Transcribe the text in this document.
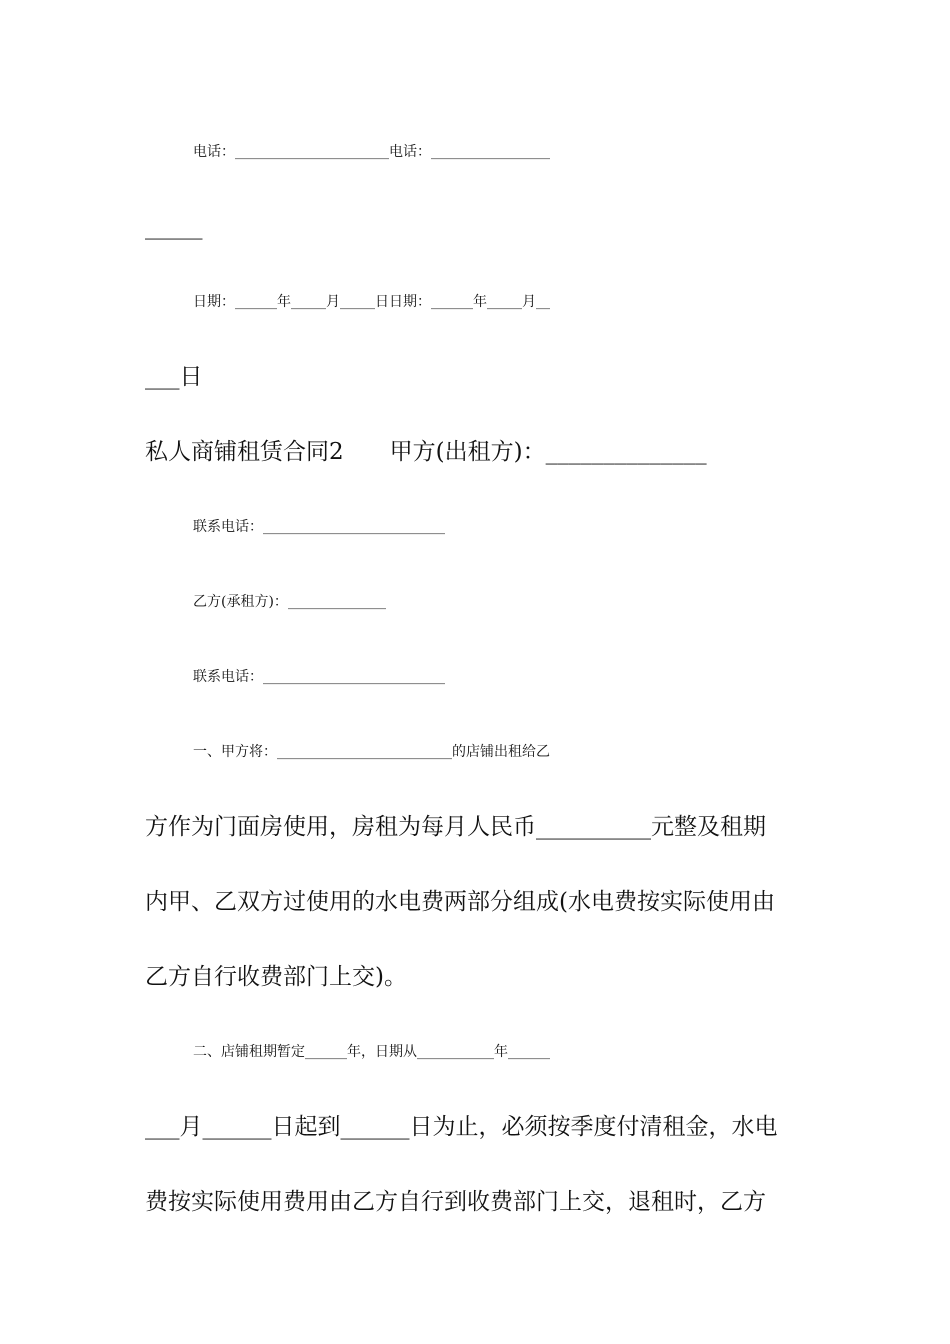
电话：______________________电话：_________________
_____
日期：______年_____月_____日日期：______年_____月__
___日
私人商铺租赁合同2　　 甲方(出租方)：______________
联系电话：__________________________
乙方(承租方)：______________
联系电话：__________________________
一、甲方将：_________________________的店铺出租给乙
方作为门面房使用，房租为每月人民币__________元整及租期
内甲、乙双方过使用的水电费两部分组成(水电费按实际使用由
乙方自行收费部门上交)。
二、店铺租期暂定______年，日期从___________年______
___月______日起到______日为止，必须按季度付清租金，水电
费按实际使用费用由乙方自行到收费部门上交，退租时，乙方
